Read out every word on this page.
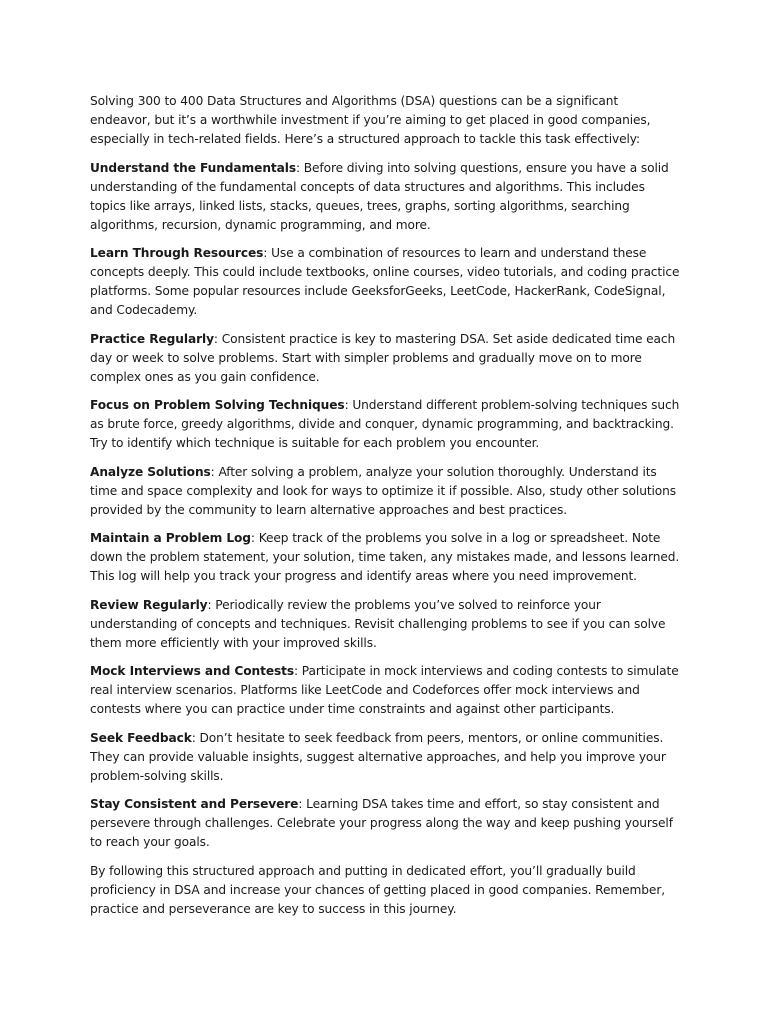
Solving 300 to 400 Data Structures and Algorithms (DSA) questions can be a significant endeavor, but it’s a worthwhile investment if you’re aiming to get placed in good companies, especially in tech-related fields. Here’s a structured approach to tackle this task effectively:

Understand the Fundamentals: Before diving into solving questions, ensure you have a solid understanding of the fundamental concepts of data structures and algorithms. This includes topics like arrays, linked lists, stacks, queues, trees, graphs, sorting algorithms, searching algorithms, recursion, dynamic programming, and more.

Learn Through Resources: Use a combination of resources to learn and understand these concepts deeply. This could include textbooks, online courses, video tutorials, and coding practice platforms. Some popular resources include GeeksforGeeks, LeetCode, HackerRank, CodeSignal, and Codecademy.

Practice Regularly: Consistent practice is key to mastering DSA. Set aside dedicated time each day or week to solve problems. Start with simpler problems and gradually move on to more complex ones as you gain confidence.

Focus on Problem Solving Techniques: Understand different problem-solving techniques such as brute force, greedy algorithms, divide and conquer, dynamic programming, and backtracking. Try to identify which technique is suitable for each problem you encounter.

Analyze Solutions: After solving a problem, analyze your solution thoroughly. Understand its time and space complexity and look for ways to optimize it if possible. Also, study other solutions provided by the community to learn alternative approaches and best practices.

Maintain a Problem Log: Keep track of the problems you solve in a log or spreadsheet. Note down the problem statement, your solution, time taken, any mistakes made, and lessons learned. This log will help you track your progress and identify areas where you need improvement.

Review Regularly: Periodically review the problems you’ve solved to reinforce your understanding of concepts and techniques. Revisit challenging problems to see if you can solve them more efficiently with your improved skills.

Mock Interviews and Contests: Participate in mock interviews and coding contests to simulate real interview scenarios. Platforms like LeetCode and Codeforces offer mock interviews and contests where you can practice under time constraints and against other participants.

Seek Feedback: Don’t hesitate to seek feedback from peers, mentors, or online communities. They can provide valuable insights, suggest alternative approaches, and help you improve your problem-solving skills.

Stay Consistent and Persevere: Learning DSA takes time and effort, so stay consistent and persevere through challenges. Celebrate your progress along the way and keep pushing yourself to reach your goals.

By following this structured approach and putting in dedicated effort, you’ll gradually build proficiency in DSA and increase your chances of getting placed in good companies. Remember, practice and perseverance are key to success in this journey.
